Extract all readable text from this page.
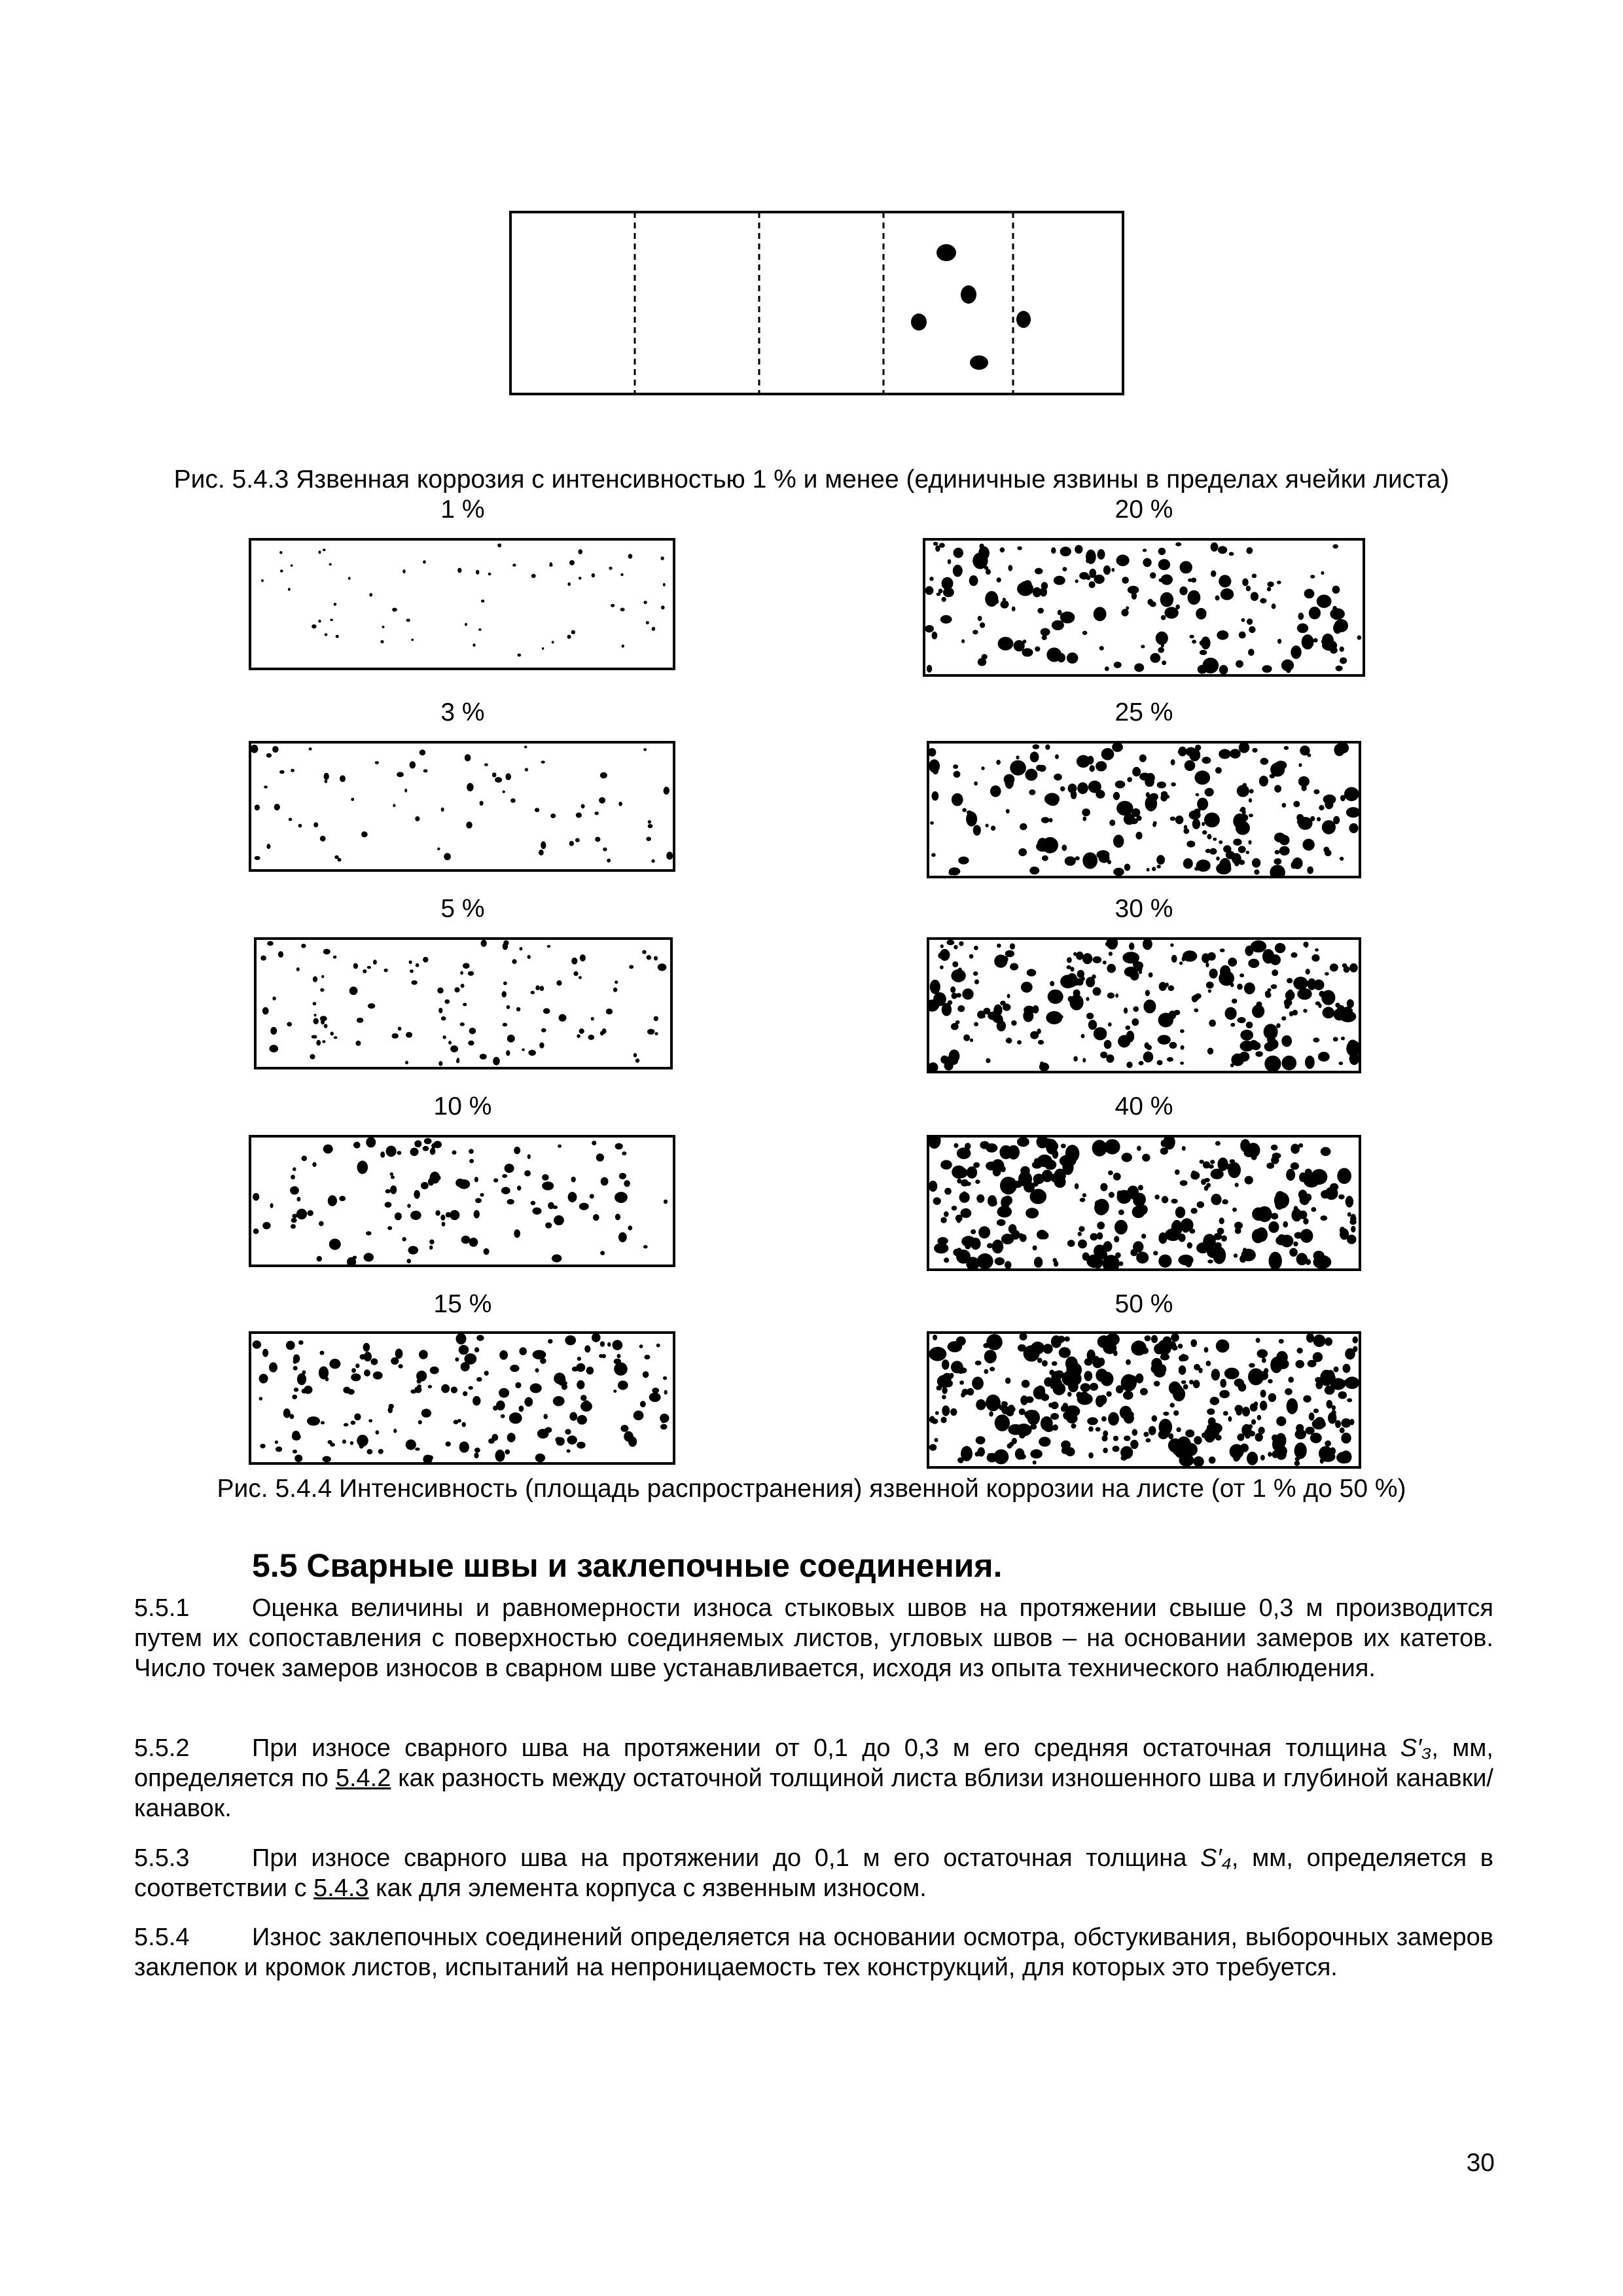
Рис. 5.4.3 Язвенная коррозия с интенсивностью 1 % и менее (единичные язвины в пределах ячейки листа)

1 %
3 %
5 %
10 %
15 %
20 %
25 %
30 %
40 %
50 %

Рис. 5.4.4 Интенсивность (площадь распространения) язвенной коррозии на листе (от 1 % до 50 %)

5.5 Сварные швы и заклепочные соединения.
5.5.1	Оценка величины и равномерности износа стыковых швов на протяжении свыше 0,3 м производится путем их сопоставления с поверхностью соединяемых листов, угловых швов – на основании замеров их катетов. Число точек замеров износов в сварном шве устанавливается, исходя из опыта технического наблюдения.
5.5.2	При износе сварного шва на протяжении от 0,1 до 0,3 м его средняя остаточная толщина S′₃, мм, определяется по 5.4.2 как разность между остаточной толщиной листа вблизи изношенного шва и глубиной канавки/канавок.
5.5.3	При износе сварного шва на протяжении до 0,1 м его остаточная толщина S′₄, мм, определяется в соответствии с 5.4.3 как для элемента корпуса с язвенным износом.
5.5.4	Износ заклепочных соединений определяется на основании осмотра, обстукивания, выборочных замеров заклепок и кромок листов, испытаний на непроницаемость тех конструкций, для которых это требуется.
30
